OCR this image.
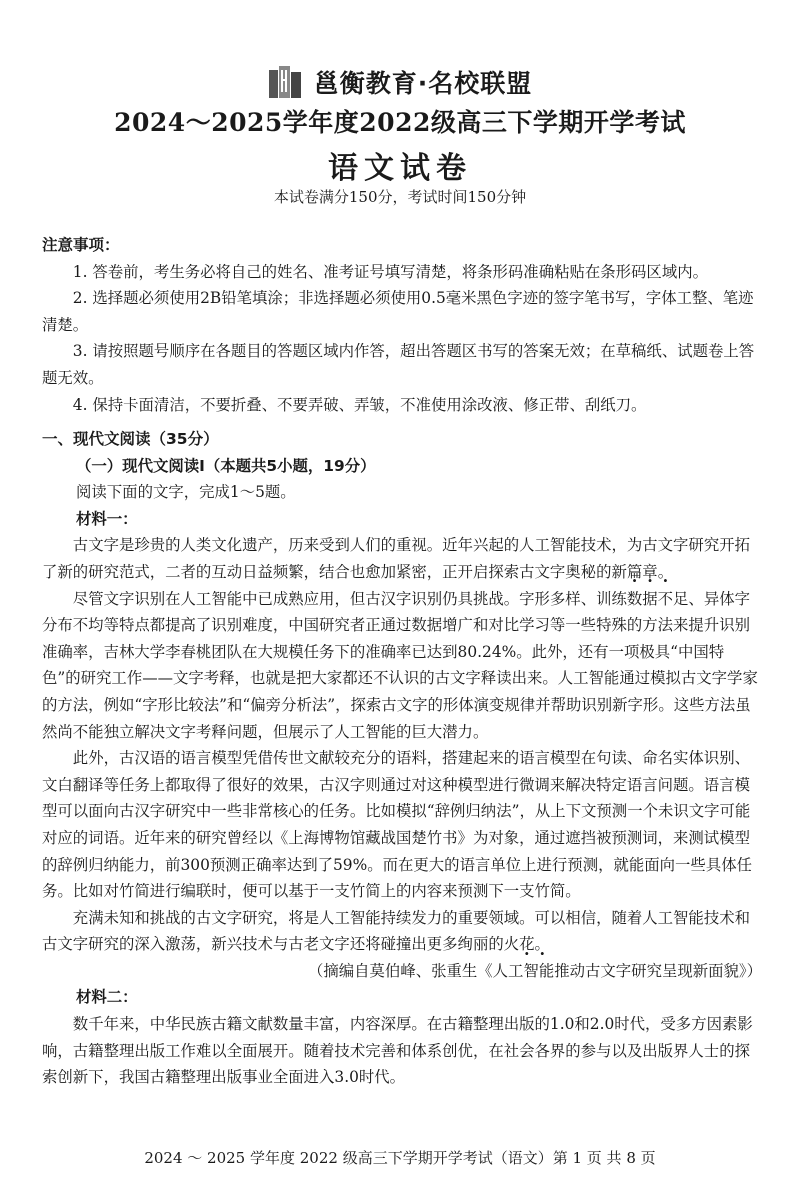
邕衡教育·名校联盟
2024～2025学年度2022级高三下学期开学考试
语文试卷
本试卷满分150分，考试时间150分钟

注意事项：

1. 答卷前，考生务必将自己的姓名、准考证号填写清楚，将条形码准确粘贴在条形码区域内。

2. 选择题必须使用2B铅笔填涂；非选择题必须使用0.5毫米黑色字迹的签字笔书写，字体工整、笔迹清楚。

3. 请按照题号顺序在各题目的答题区域内作答，超出答题区书写的答案无效；在草稿纸、试题卷上答题无效。

4. 保持卡面清洁，不要折叠、不要弄破、弄皱，不准使用涂改液、修正带、刮纸刀。

一、现代文阅读（35分）

（一）现代文阅读Ⅰ（本题共5小题，19分）

阅读下面的文字，完成1～5题。

材料一：

古文字是珍贵的人类文化遗产，历来受到人们的重视。近年兴起的人工智能技术，为古文字研究开拓了新的研究范式，二者的互动日益频繁，结合也愈加紧密，正开启探索古文字奥秘的新篇章。

尽管文字识别在人工智能中已成熟应用，但古汉字识别仍具挑战。字形多样、训练数据不足、异体字分布不均等特点都提高了识别难度，中国研究者正通过数据增广和对比学习等一些特殊的方法来提升识别准确率，吉林大学李春桃团队在大规模任务下的准确率已达到80.24%。此外，还有一项极具“中国特色”的研究工作——文字考释，也就是把大家都还不认识的古文字释读出来。人工智能通过模拟古文字学家的方法，例如“字形比较法”和“偏旁分析法”，探索古文字的形体演变规律并帮助识别新字形。这些方法虽然尚不能独立解决文字考释问题，但展示了人工智能的巨大潜力。

此外，古汉语的语言模型凭借传世文献较充分的语料，搭建起来的语言模型在句读、命名实体识别、文白翻译等任务上都取得了很好的效果，古汉字则通过对这种模型进行微调来解决特定语言问题。语言模型可以面向古汉字研究中一些非常核心的任务。比如模拟“辞例归纳法”，从上下文预测一个未识文字可能对应的词语。近年来的研究曾经以《上海博物馆藏战国楚竹书》为对象，通过遮挡被预测词，来测试模型的辞例归纳能力，前300预测正确率达到了59%。而在更大的语言单位上进行预测，就能面向一些具体任务。比如对竹简进行编联时，便可以基于一支竹简上的内容来预测下一支竹简。

充满未知和挑战的古文字研究，将是人工智能持续发力的重要领域。可以相信，随着人工智能技术和古文字研究的深入激荡，新兴技术与古老文字还将碰撞出更多绚丽的火花。

（摘编自莫伯峰、张重生《人工智能推动古文字研究呈现新面貌》）

材料二：

数千年来，中华民族古籍文献数量丰富，内容深厚。在古籍整理出版的1.0和2.0时代，受多方因素影响，古籍整理出版工作难以全面展开。随着技术完善和体系创优，在社会各界的参与以及出版界人士的探索创新下，我国古籍整理出版事业全面进入3.0时代。

2024 ～ 2025 学年度 2022 级高三下学期开学考试（语文）第 1 页 共 8 页
